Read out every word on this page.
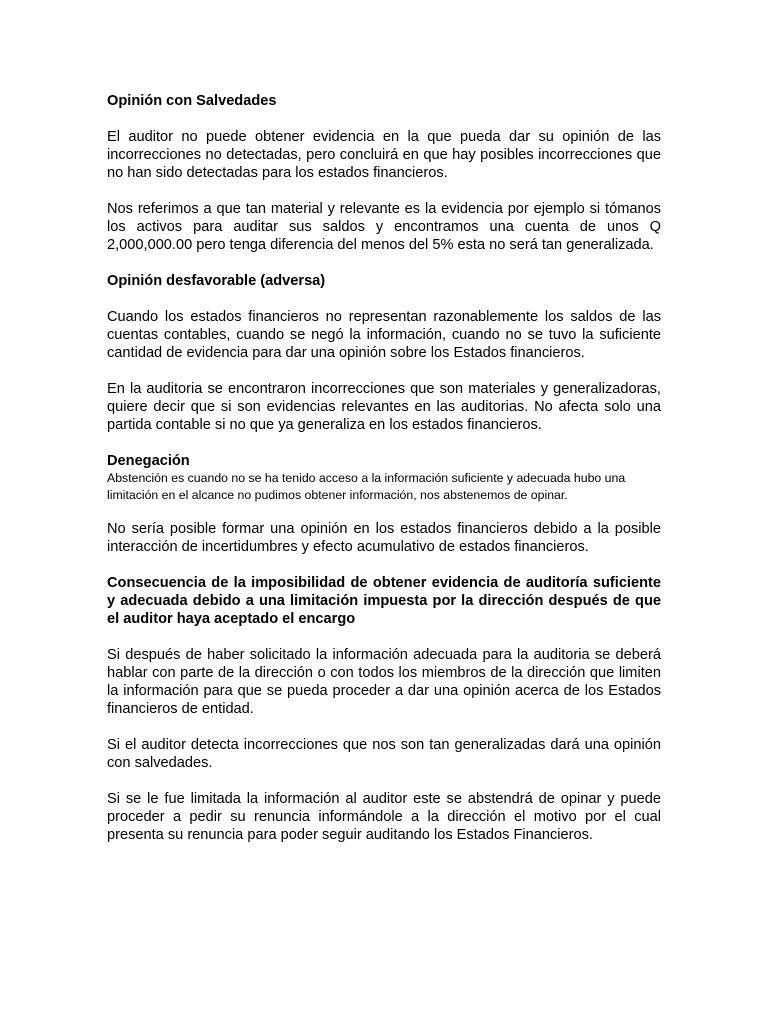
Opinión con Salvedades

El auditor no puede obtener evidencia en la que pueda dar su opinión de las incorrecciones no detectadas, pero concluirá en que hay posibles incorrecciones que no han sido detectadas para los estados financieros.

Nos referimos a que tan material y relevante es la evidencia por ejemplo si tómanos los activos para auditar sus saldos y encontramos una cuenta de unos Q 2,000,000.00 pero tenga diferencia del menos del 5% esta no será tan generalizada.

Opinión desfavorable (adversa)

Cuando los estados financieros no representan razonablemente los saldos de las cuentas contables, cuando se negó la información, cuando no se tuvo la suficiente cantidad de evidencia para dar una opinión sobre los Estados financieros.

En la auditoria se encontraron incorrecciones que son materiales y generalizadoras, quiere decir que si son evidencias relevantes en las auditorias. No afecta solo una partida contable si no que ya generaliza en los estados financieros.

Denegación

Abstención es cuando no se ha tenido acceso a la información suficiente y adecuada hubo una limitación en el alcance no pudimos obtener información, nos abstenemos de opinar.

No sería posible formar una opinión en los estados financieros debido a la posible interacción de incertidumbres y efecto acumulativo de estados financieros.

Consecuencia de la imposibilidad de obtener evidencia de auditoría suficiente y adecuada debido a una limitación impuesta por la dirección después de que el auditor haya aceptado el encargo

Si después de haber solicitado la información adecuada para la auditoria se deberá hablar con parte de la dirección o con todos los miembros de la dirección que limiten la información para que se pueda proceder a dar una opinión acerca de los Estados financieros de entidad.

Si el auditor detecta incorrecciones que nos son tan generalizadas dará una opinión con salvedades.

Si se le fue limitada la información al auditor este se abstendrá de opinar y puede proceder a pedir su renuncia informándole a la dirección el motivo por el cual presenta su renuncia para poder seguir auditando los Estados Financieros.
